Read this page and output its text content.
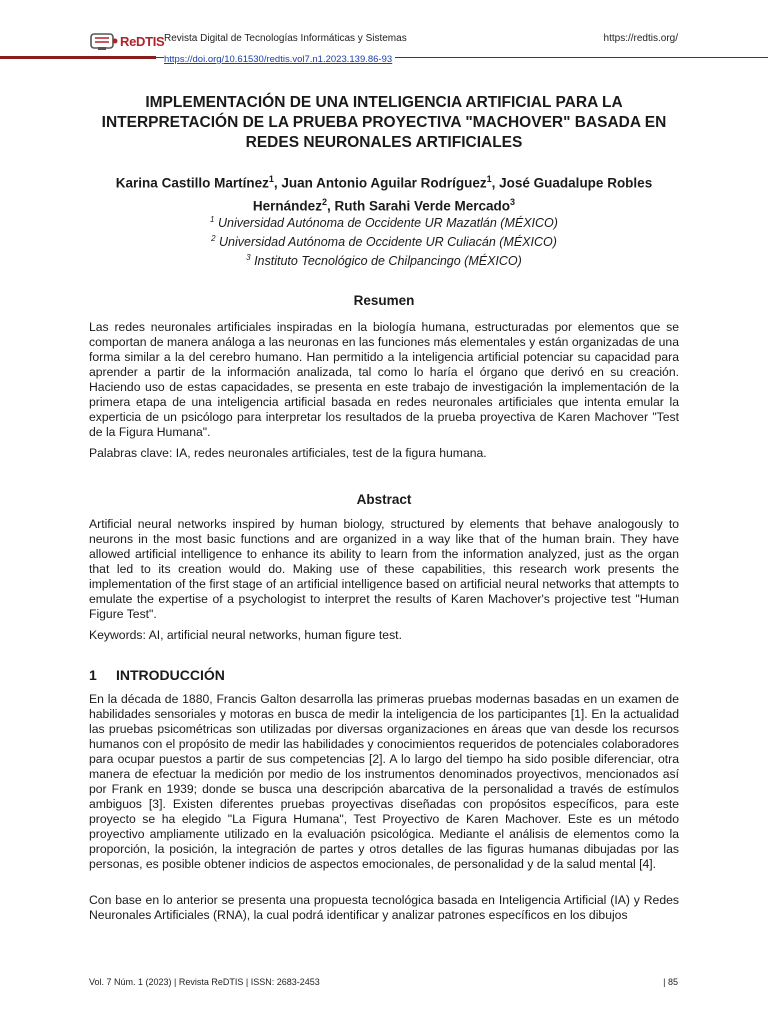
ReDTIS Revista Digital de Tecnologías Informáticas y Sistemas	https://redtis.org/
https://doi.org/10.61530/redtis.vol7.n1.2023.139.86-93
IMPLEMENTACIÓN DE UNA INTELIGENCIA ARTIFICIAL PARA LA INTERPRETACIÓN DE LA PRUEBA PROYECTIVA "MACHOVER" BASADA EN REDES NEURONALES ARTIFICIALES
Karina Castillo Martínez$^1$, Juan Antonio Aguilar Rodríguez$^1$, José Guadalupe Robles Hernández$^2$, Ruth Sarahi Verde Mercado$^3$
$^1$ Universidad Autónoma de Occidente UR Mazatlán (MÉXICO)
$^2$ Universidad Autónoma de Occidente UR Culiacán (MÉXICO)
$^3$ Instituto Tecnológico de Chilpancingo (MÉXICO)
Resumen
Las redes neuronales artificiales inspiradas en la biología humana, estructuradas por elementos que se comportan de manera análoga a las neuronas en las funciones más elementales y están organizadas de una forma similar a la del cerebro humano. Han permitido a la inteligencia artificial potenciar su capacidad para aprender a partir de la información analizada, tal como lo haría el órgano que derivó en su creación. Haciendo uso de estas capacidades, se presenta en este trabajo de investigación la implementación de la primera etapa de una inteligencia artificial basada en redes neuronales artificiales que intenta emular la experticia de un psicólogo para interpretar los resultados de la prueba proyectiva de Karen Machover "Test de la Figura Humana".
Palabras clave: IA, redes neuronales artificiales, test de la figura humana.
Abstract
Artificial neural networks inspired by human biology, structured by elements that behave analogously to neurons in the most basic functions and are organized in a way like that of the human brain. They have allowed artificial intelligence to enhance its ability to learn from the information analyzed, just as the organ that led to its creation would do. Making use of these capabilities, this research work presents the implementation of the first stage of an artificial intelligence based on artificial neural networks that attempts to emulate the expertise of a psychologist to interpret the results of Karen Machover's projective test "Human Figure Test".
Keywords: AI, artificial neural networks, human figure test.
1 INTRODUCCIÓN
En la década de 1880, Francis Galton desarrolla las primeras pruebas modernas basadas en un examen de habilidades sensoriales y motoras en busca de medir la inteligencia de los participantes [1]. En la actualidad las pruebas psicométricas son utilizadas por diversas organizaciones en áreas que van desde los recursos humanos con el propósito de medir las habilidades y conocimientos requeridos de potenciales colaboradores para ocupar puestos a partir de sus competencias [2]. A lo largo del tiempo ha sido posible diferenciar, otra manera de efectuar la medición por medio de los instrumentos denominados proyectivos, mencionados así por Frank en 1939; donde se busca una descripción abarcativa de la personalidad a través de estímulos ambiguos [3]. Existen diferentes pruebas proyectivas diseñadas con propósitos específicos, para este proyecto se ha elegido "La Figura Humana", Test Proyectivo de Karen Machover. Este es un método proyectivo ampliamente utilizado en la evaluación psicológica. Mediante el análisis de elementos como la proporción, la posición, la integración de partes y otros detalles de las figuras humanas dibujadas por las personas, es posible obtener indicios de aspectos emocionales, de personalidad y de la salud mental [4].
Con base en lo anterior se presenta una propuesta tecnológica basada en Inteligencia Artificial (IA) y Redes Neuronales Artificiales (RNA), la cual podrá identificar y analizar patrones específicos en los dibujos
Vol. 7 Núm. 1 (2023) | Revista ReDTIS | ISSN: 2683-2453	| 85
